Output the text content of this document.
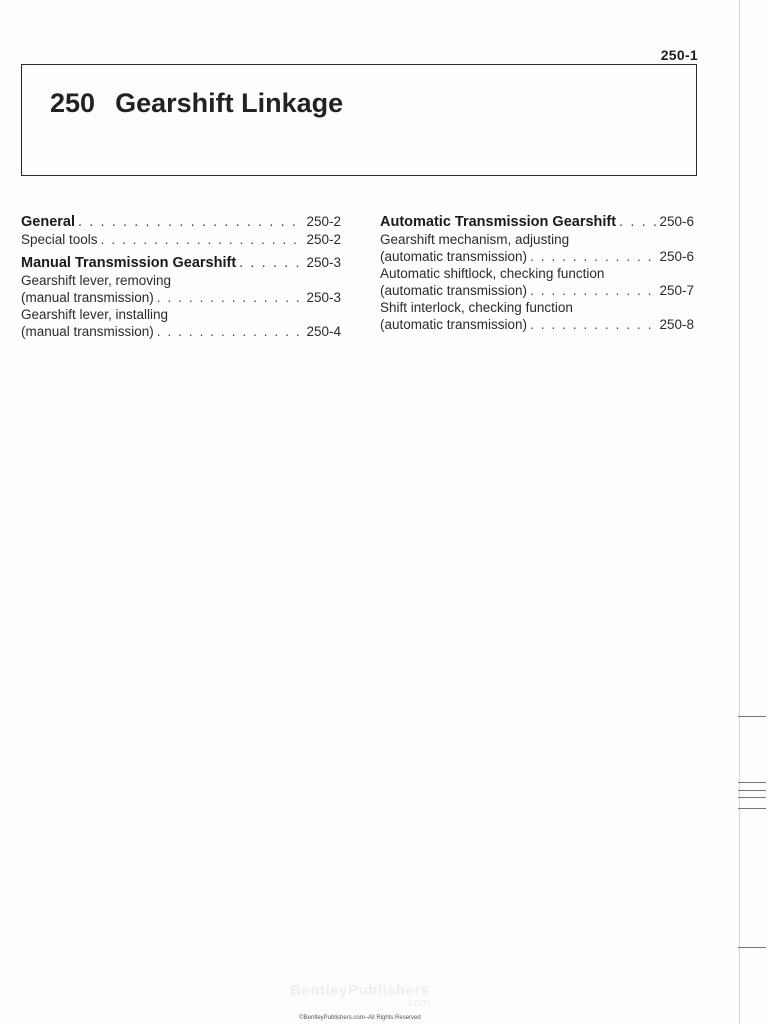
250-1
250 Gearshift Linkage
General . . .	250-2
Special tools . . .	250-2
Manual Transmission Gearshift . . .	250-3
Gearshift lever, removing
(manual transmission) . . .	250-3
Gearshift lever, installing
(manual transmission) . . .	250-4
Automatic Transmission Gearshift . . .	250-6
Gearshift mechanism, adjusting
(automatic transmission) . . .	250-6
Automatic shiftlock, checking function
(automatic transmission) . . .	250-7
Shift interlock, checking function
(automatic transmission) . . .	250-8
BentleyPublishers
.com
©BentleyPublishers.com–All Rights Reserved
